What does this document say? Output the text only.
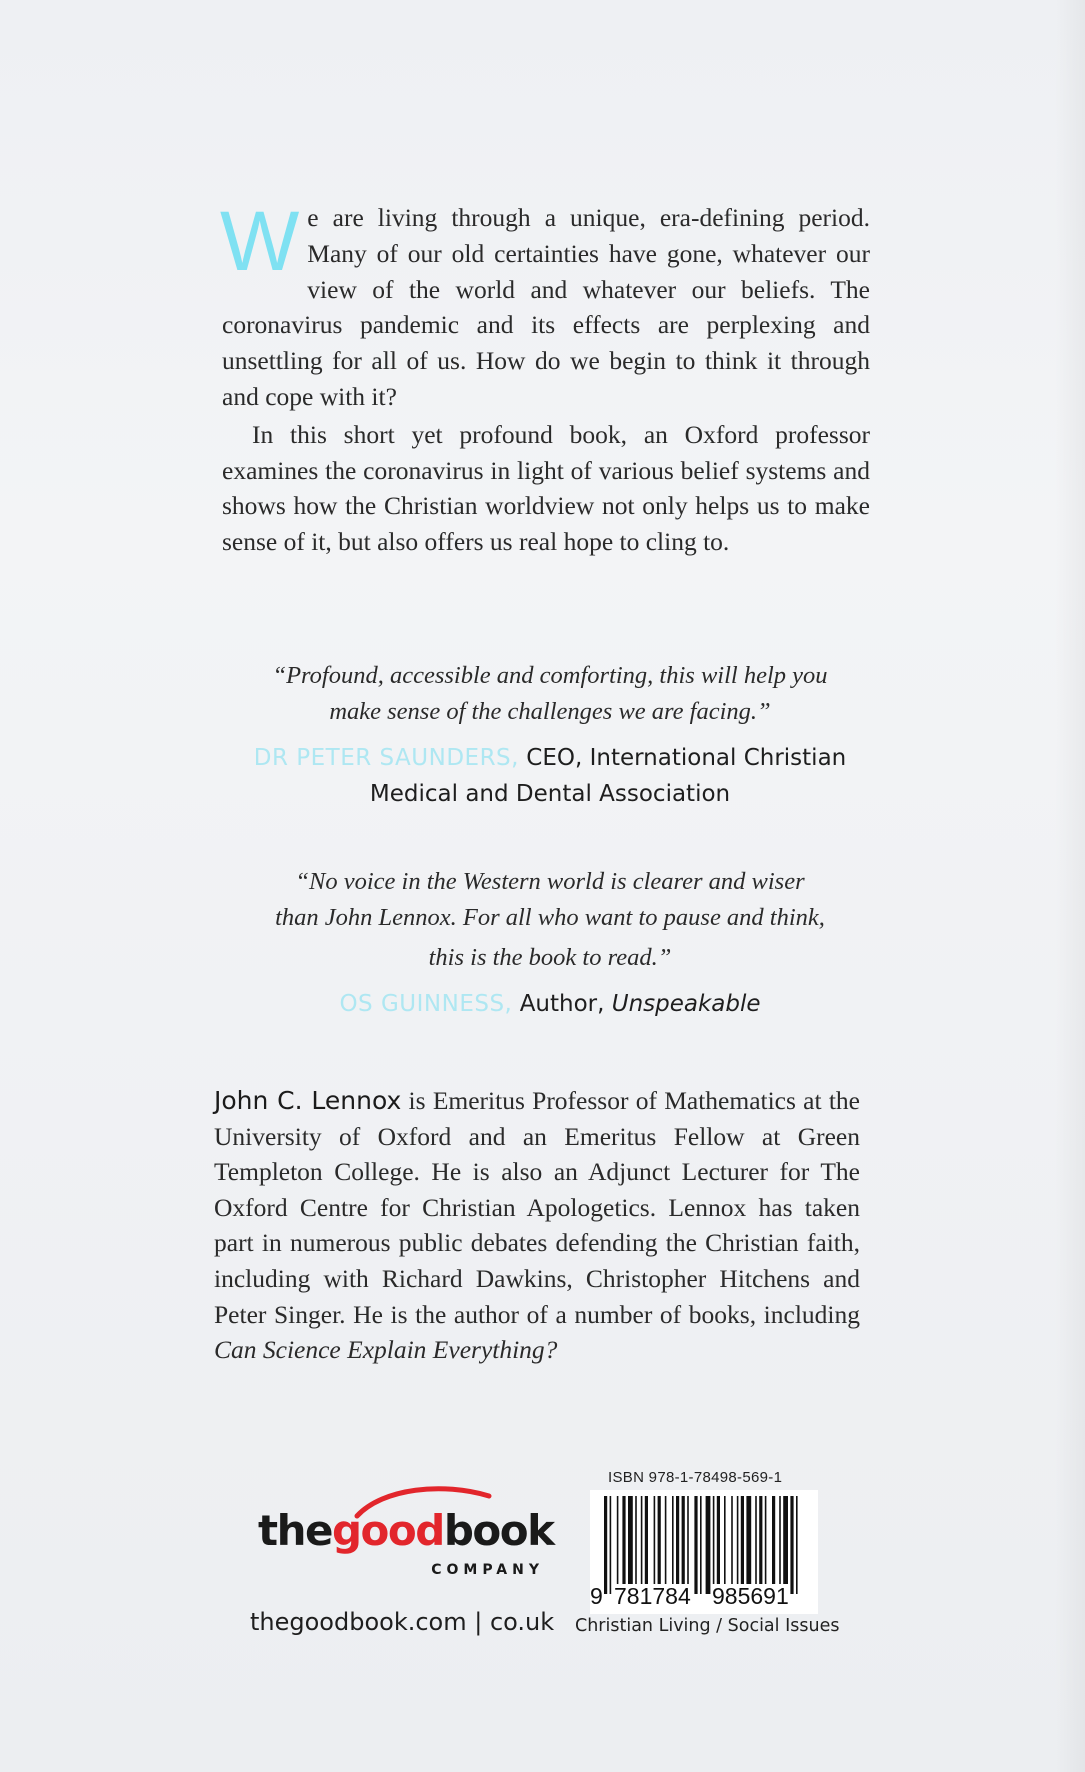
We are living through a unique, era-defining period. Many of our old certainties have gone, whatever our view of the world and whatever our beliefs. The coronavirus pandemic and its effects are perplexing and unsettling for all of us. How do we begin to think it through and cope with it?

In this short yet profound book, an Oxford professor examines the coronavirus in light of various belief systems and shows how the Christian worldview not only helps us to make sense of it, but also offers us real hope to cling to.

“Profound, accessible and comforting, this will help you
make sense of the challenges we are facing.”
DR PETER SAUNDERS, CEO, International Christian
Medical and Dental Association
“No voice in the Western world is clearer and wiser
than John Lennox. For all who want to pause and think,
this is the book to read.”
OS GUINNESS, Author, Unspeakable
John C. Lennox is Emeritus Professor of Mathematics at the University of Oxford and an Emeritus Fellow at Green Templeton College. He is also an Adjunct Lecturer for The Oxford Centre for Christian Apologetics. Lennox has taken part in numerous public debates defending the Christian faith, including with Richard Dawkins, Christopher Hitchens and Peter Singer. He is the author of a number of books, including Can Science Explain Everything?
thegoodbook
COMPANY
thegoodbook.com | co.uk
ISBN 978-1-78498-569-1
9 781784 985691
Christian Living / Social Issues
